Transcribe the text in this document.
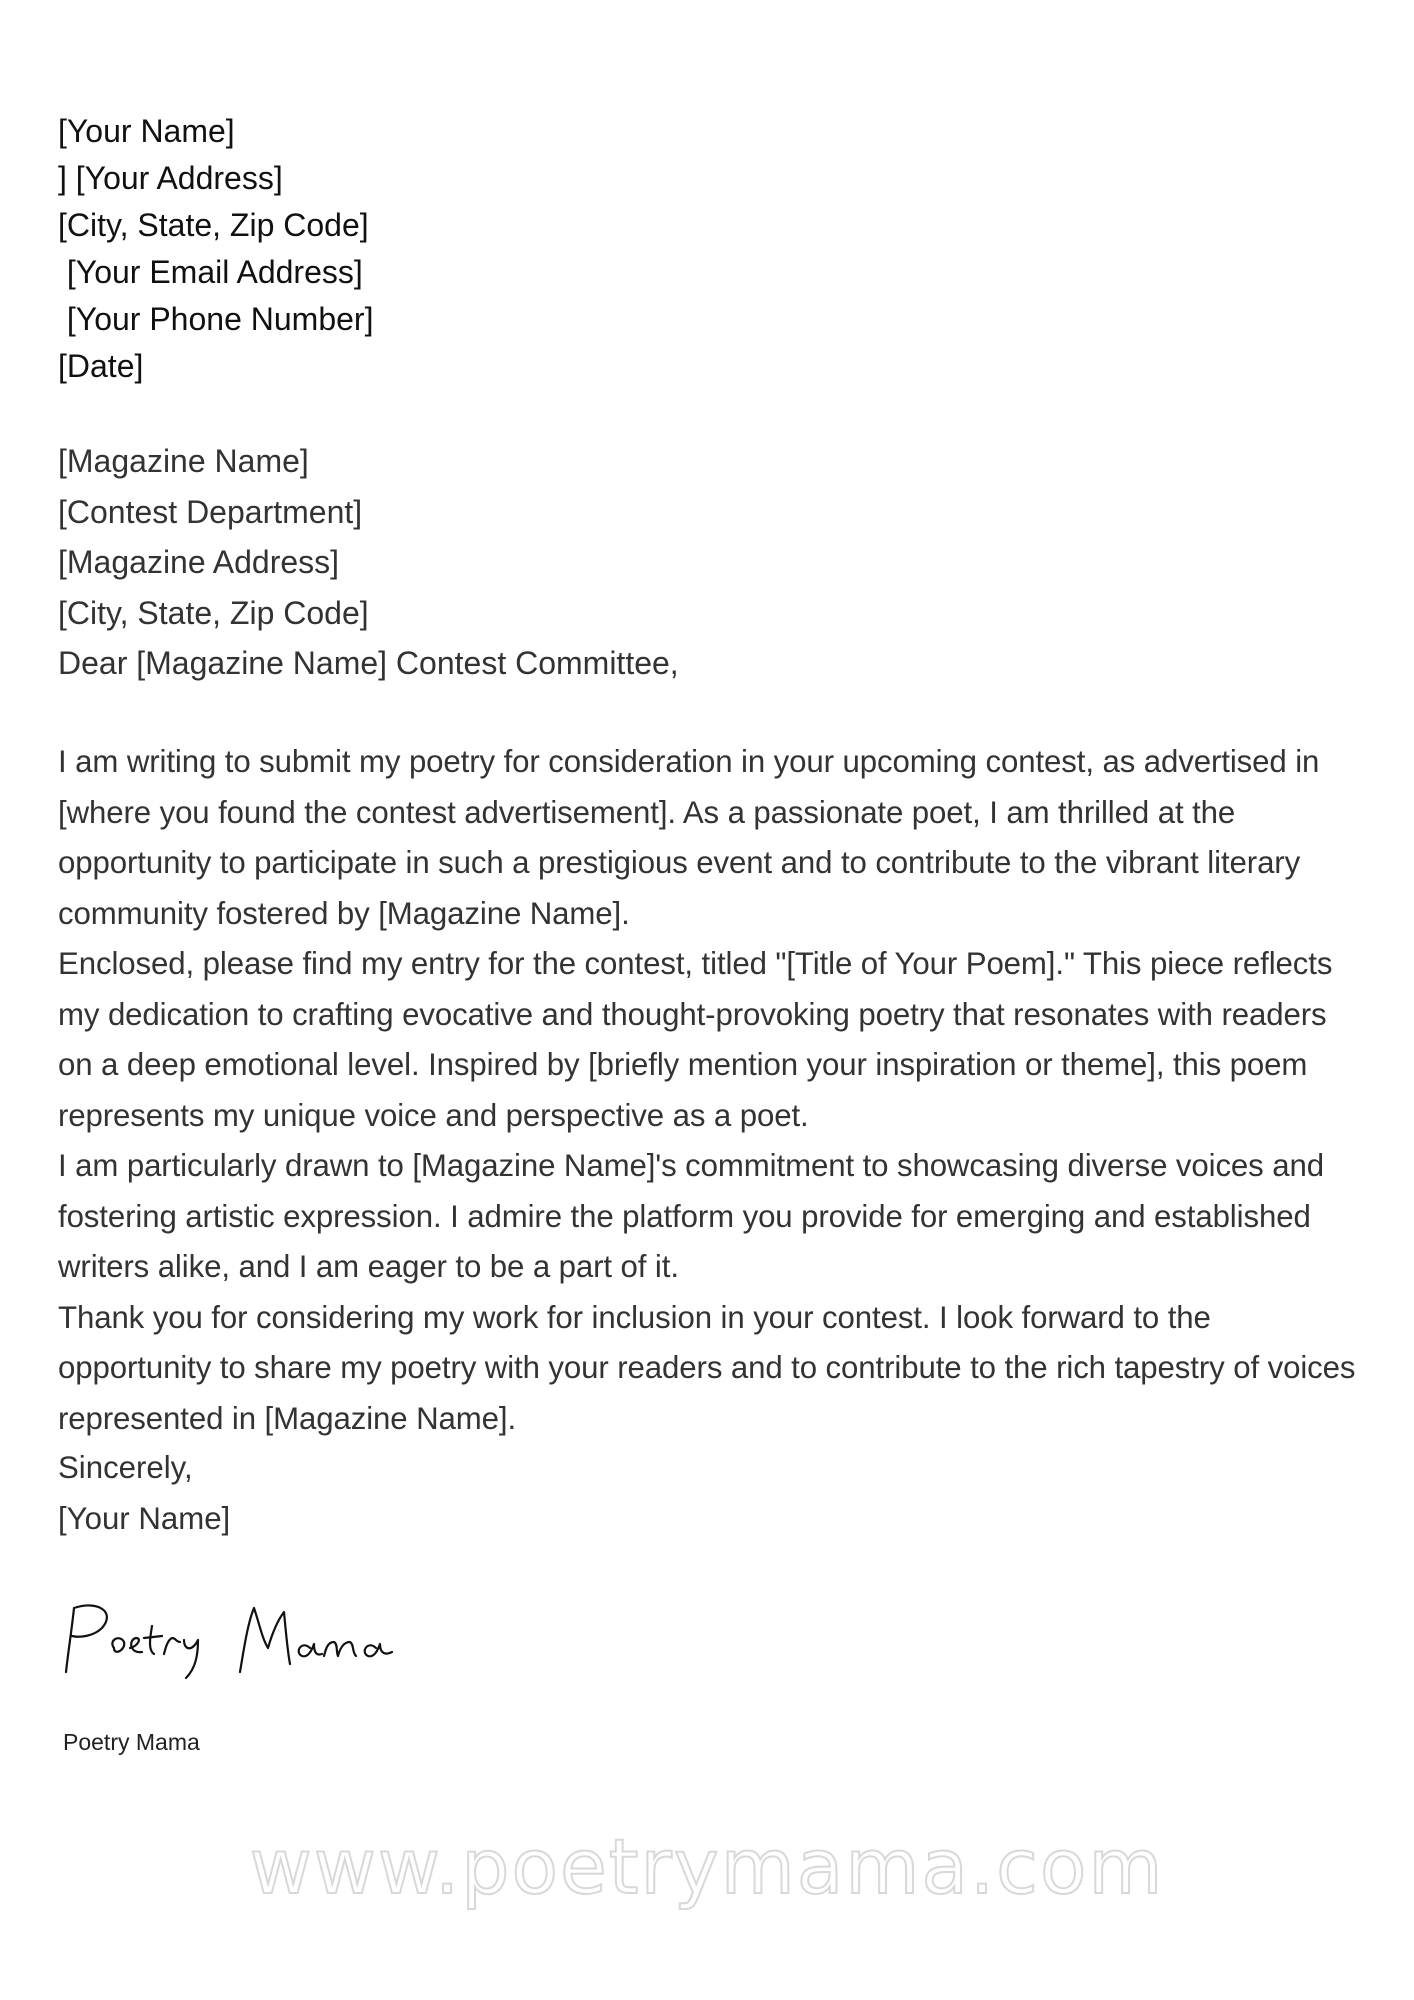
[Your Name]
] [Your Address]
[City, State, Zip Code]
[Your Email Address]
[Your Phone Number]
[Date]
[Magazine Name]
[Contest Department]
[Magazine Address]
[City, State, Zip Code]
Dear [Magazine Name] Contest Committee,

I am writing to submit my poetry for consideration in your upcoming contest, as advertised in [where you found the contest advertisement]. As a passionate poet, I am thrilled at the opportunity to participate in such a prestigious event and to contribute to the vibrant literary community fostered by [Magazine Name].

Enclosed, please find my entry for the contest, titled "[Title of Your Poem]." This piece reflects my dedication to crafting evocative and thought-provoking poetry that resonates with readers on a deep emotional level. Inspired by [briefly mention your inspiration or theme], this poem represents my unique voice and perspective as a poet.

I am particularly drawn to [Magazine Name]'s commitment to showcasing diverse voices and fostering artistic expression. I admire the platform you provide for emerging and established writers alike, and I am eager to be a part of it.

Thank you for considering my work for inclusion in your contest. I look forward to the opportunity to share my poetry with your readers and to contribute to the rich tapestry of voices represented in [Magazine Name].

Sincerely,
[Your Name]
Poetry Mama
www.poetrymama.com
